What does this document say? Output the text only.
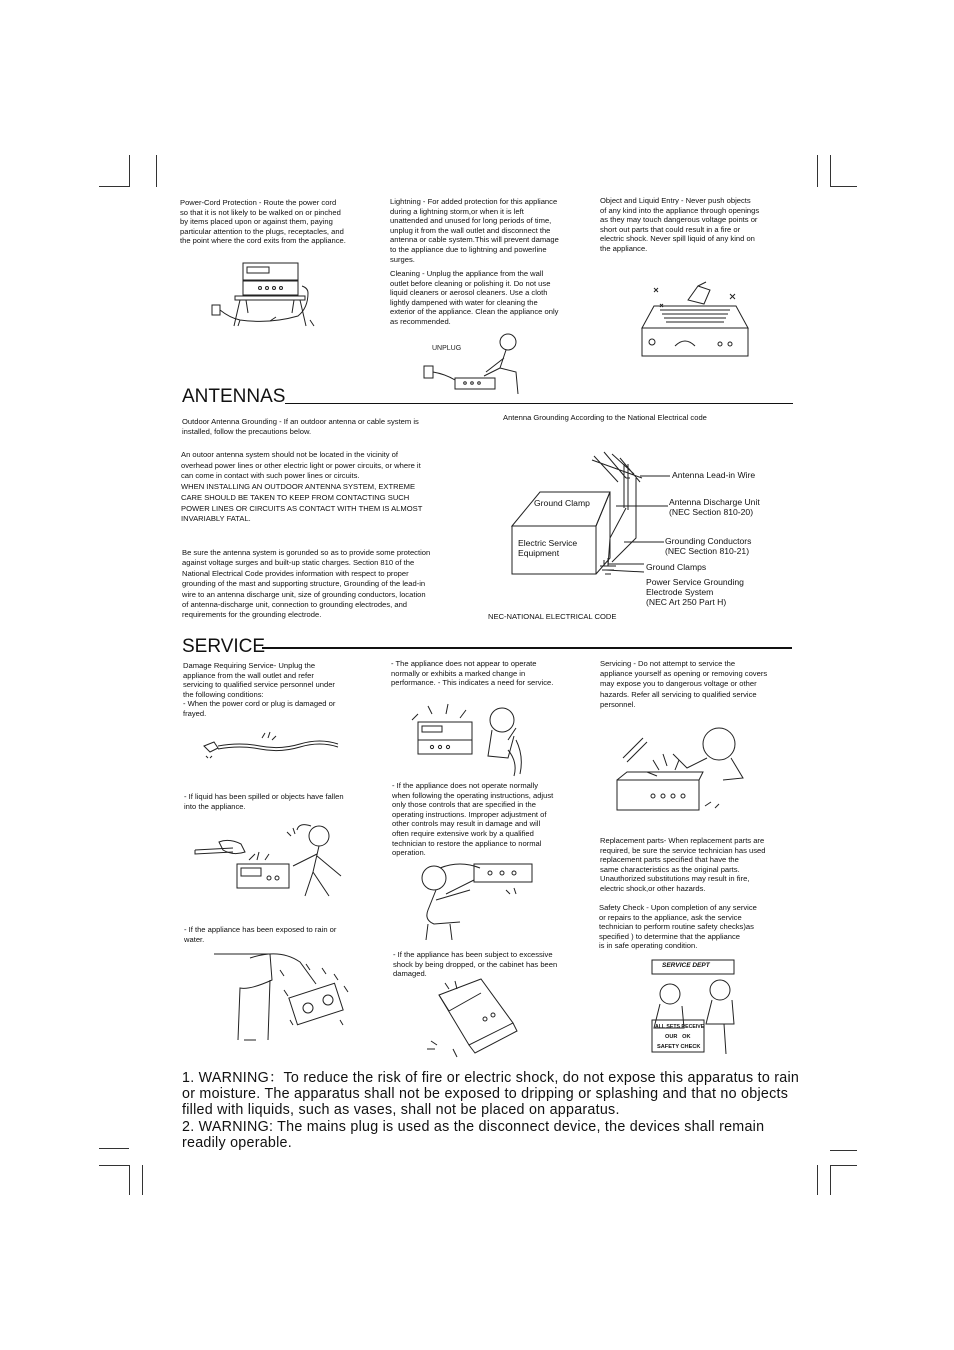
Power-Cord Protection - Route the power cord
so that it is not likely to be walked on or pinched
by items placed upon or against them, paying
particular attention to the plugs, receptacles, and
the point where the cord exits from the appliance.
Lightning - For added protection for this appliance
during a lightning storm,or when it is left
unattended and unused for long periods of time,
unplug it from the wall outlet and disconnect the
antenna or cable system.This will prevent damage
to the appliance due to lightning and powerline
surges.
Cleaning - Unplug the appliance from the wall
outlet before cleaning or polishing it. Do not use
liquid cleaners or aerosol cleaners. Use a cloth
lightly dampened with water for cleaning the
exterior of the appliance. Clean the appliance only
as recommended.
Object and Liquid Entry - Never push objects
of any kind into the appliance through openings
as they may touch dangerous voltage points or
short out parts that could result in a fire or
electric shock. Never spill liquid of any kind on
the appliance.
UNPLUG
ANTENNAS
Outdoor Antenna Grounding - If an outdoor antenna or cable system is
installed, follow the precautions below.
An outoor antenna system should not be located in the vicinity of
overhead power lines or other electric light or power circuits, or where it
can come in contact with such power lines or circuits.
WHEN INSTALLING AN OUTDOOR ANTENNA SYSTEM, EXTREME
CARE SHOULD BE TAKEN TO KEEP FROM CONTACTING SUCH
POWER LINES OR CIRCUITS AS CONTACT WITH THEM IS ALMOST
INVARIABLY FATAL.
Be sure the antenna system is gorunded so as to provide some protection
against voltage surges and built-up static charges. Section 810 of the
National Electrical Code provides information with respect to proper
grounding of the mast and supporting structure, Grounding of the lead-in
wire to an antenna discharge unit, size of grounding conductors, location
of antenna-discharge unit, connection to grounding electrodes, and
requirements for the grounding electrode.
Antenna Grounding According to the National Electrical code
Antenna Lead-in Wire
Ground Clamp	Antenna Discharge Unit
(NEC Section 810-20)
Electric Service
Equipment
Grounding Conductors
(NEC Section 810-21)
Ground Clamps
Power Service Grounding
Electrode System
(NEC Art 250 Part H)
NEC-NATIONAL ELECTRICAL CODE
SERVICE
Damage Requiring Service- Unplug the
appliance from the wall outlet and refer
servicing to qualified service personnel under
the following conditions:
- When the power cord or plug is damaged or
frayed.
- If liquid has been spilled or objects have fallen
into the appliance.
- If the appliance has been exposed to rain or
water.
- The appliance does not appear to operate
normally or exhibits a marked change in
performance. - This indicates a need for service.
- If the appliance does not operate normally
when following the operating instructions, adjust
only those controls that are specified in the
operating instructions. Improper adjustment of
other controls may result in damage and will
often require extensive work by a qualified
technician to restore the appliance to normal
operation.
- If the appliance has been subject to excessive
shock by being dropped, or the cabinet has been
damaged.
Servicing - Do not attempt to service the
appliance yourself as opening or removing covers
may expose you to dangerous voltage or other
hazards. Refer all servicing to qualified service
personnel.
Replacement parts- When replacement parts are
required, be sure the service technician has used
replacement parts specified that have the
same characteristics as the original parts.
Unauthorized substitutions may result in fire,
electric shock,or other hazards.
Safety Check - Upon completion of any service
or repairs to the appliance, ask the service
technician to perform routine safety checks)as
specified ) to determine that the appliance
is in safe operating condition.
SERVICE DEPT
ALL SETS RECEIVE
OUR   OK
SAFETY CHECK

1. WARNING：To reduce the risk of fire or electric shock, do not expose this apparatus to rain or moisture. The apparatus shall not be exposed to dripping or splashing and that no objects filled with liquids, such as vases, shall not be placed on apparatus.

2. WARNING: The mains plug is used as the disconnect device, the devices shall remain readily operable.
